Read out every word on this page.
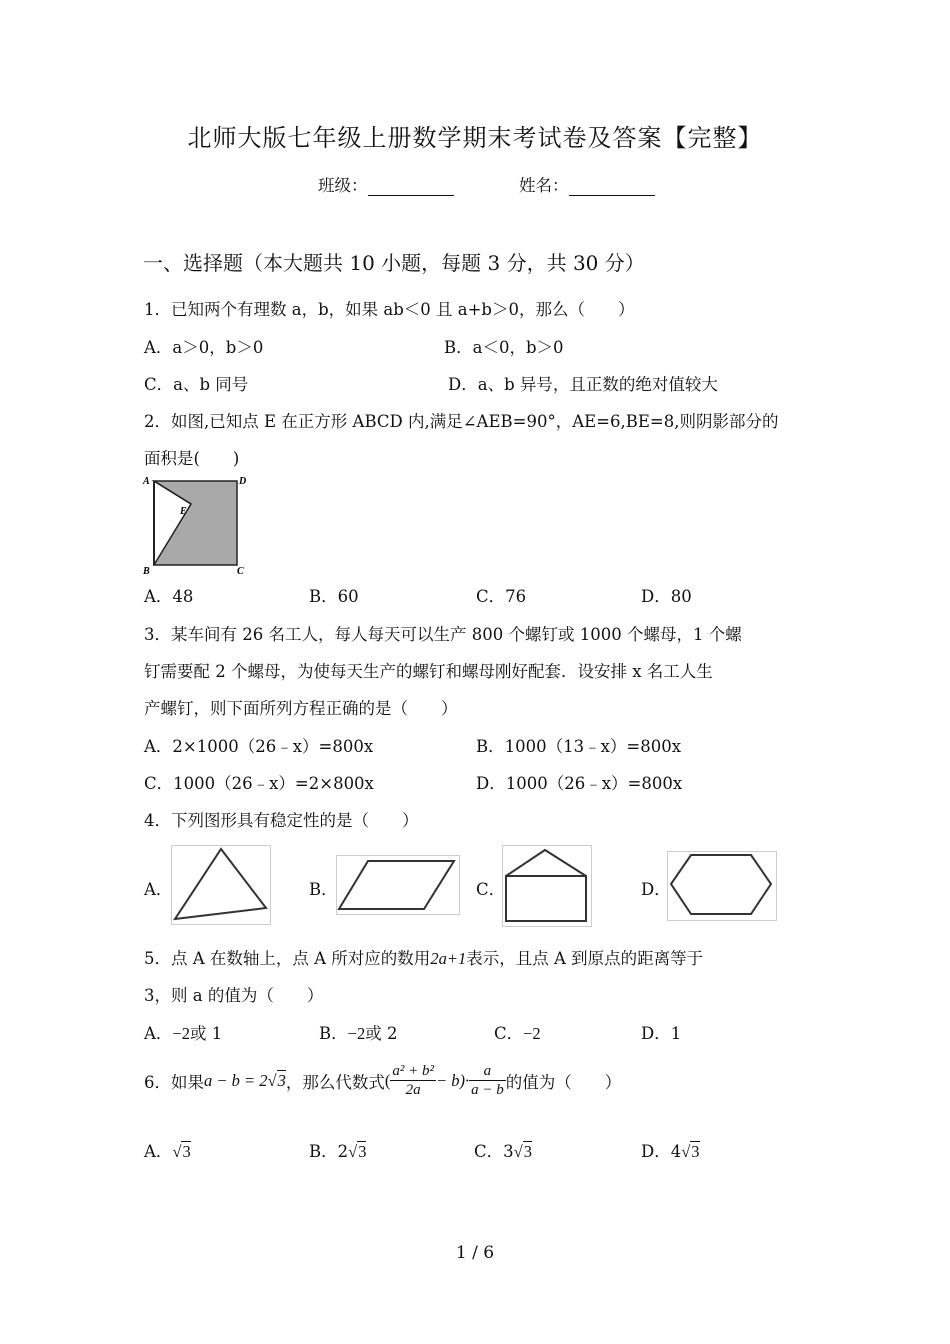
北师大版七年级上册数学期末考试卷及答案【完整】
班级：	姓名：
一、选择题（本大题共 10 小题，每题 3 分，共 30 分）
1．已知两个有理数 a，b，如果 ab＜0 且 a+b＞0，那么（　　）
A．a＞0，b＞0	B．a＜0，b＞0
C．a、b 同号	D．a、b 异号，且正数的绝对值较大
2．如图,已知点 E 在正方形 ABCD 内,满足∠AEB=90°，AE=6,BE=8,则阴影部分的
面积是(　　)
A	D
E
B	C
A．48	B．60	C．76	D．80
3．某车间有 26 名工人，每人每天可以生产 800 个螺钉或 1000 个螺母，1 个螺
钉需要配 2 个螺母，为使每天生产的螺钉和螺母刚好配套．设安排 x 名工人生
产螺钉，则下面所列方程正确的是（　　）
A．2×1000（26﹣x）=800x	B．1000（13﹣x）=800x
C．1000（26﹣x）=2×800x	D．1000（26﹣x）=800x
4．下列图形具有稳定性的是（　　）
A．	B．	C．	D．
5．点 A 在数轴上，点 A 所对应的数用2a+1表示，且点 A 到原点的距离等于
3，则 a 的值为（　　）
A．−2或 1	B．−2或 2	C．−2	D．1
6．如果 a − b = 2√3 ，那么代数式 ( $\frac{\text{a² + b²}}{2a} - b)\cdot \frac{a}{a - b}$ 的值为（　　）
A．√3	B．2√3	C．3√3	D．4√3
1 / 6
